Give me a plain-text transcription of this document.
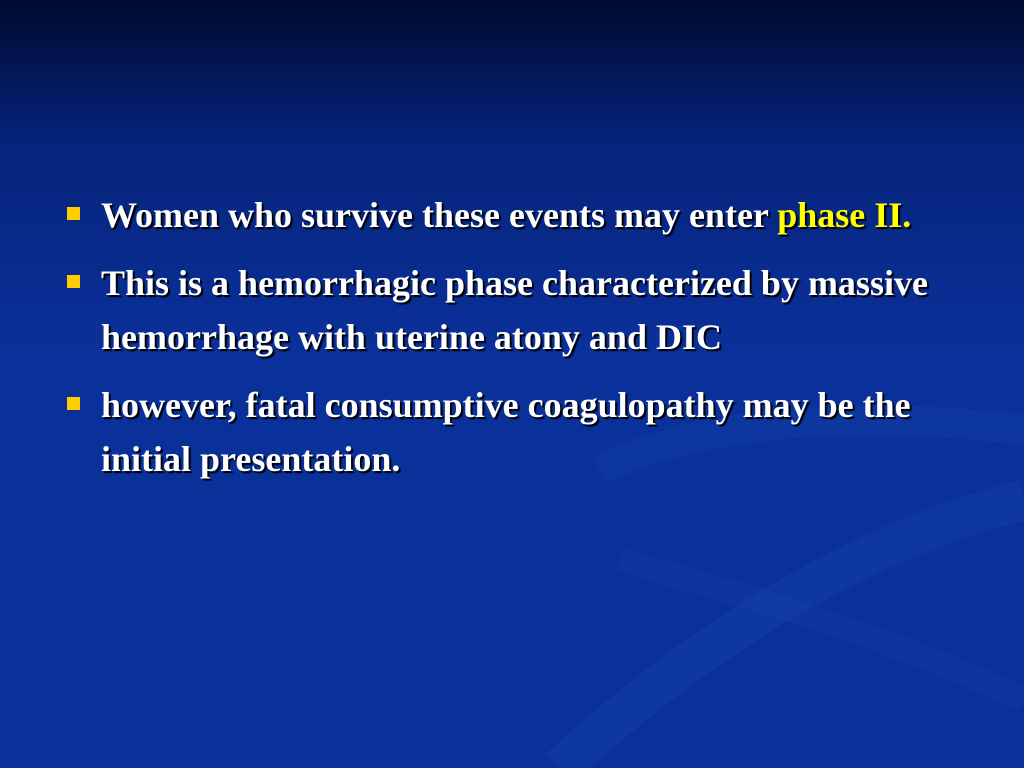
Women who survive these events may enter phase II.
This is a hemorrhagic phase characterized by massive hemorrhage with uterine atony and DIC
however, fatal consumptive coagulopathy may be the initial presentation.
